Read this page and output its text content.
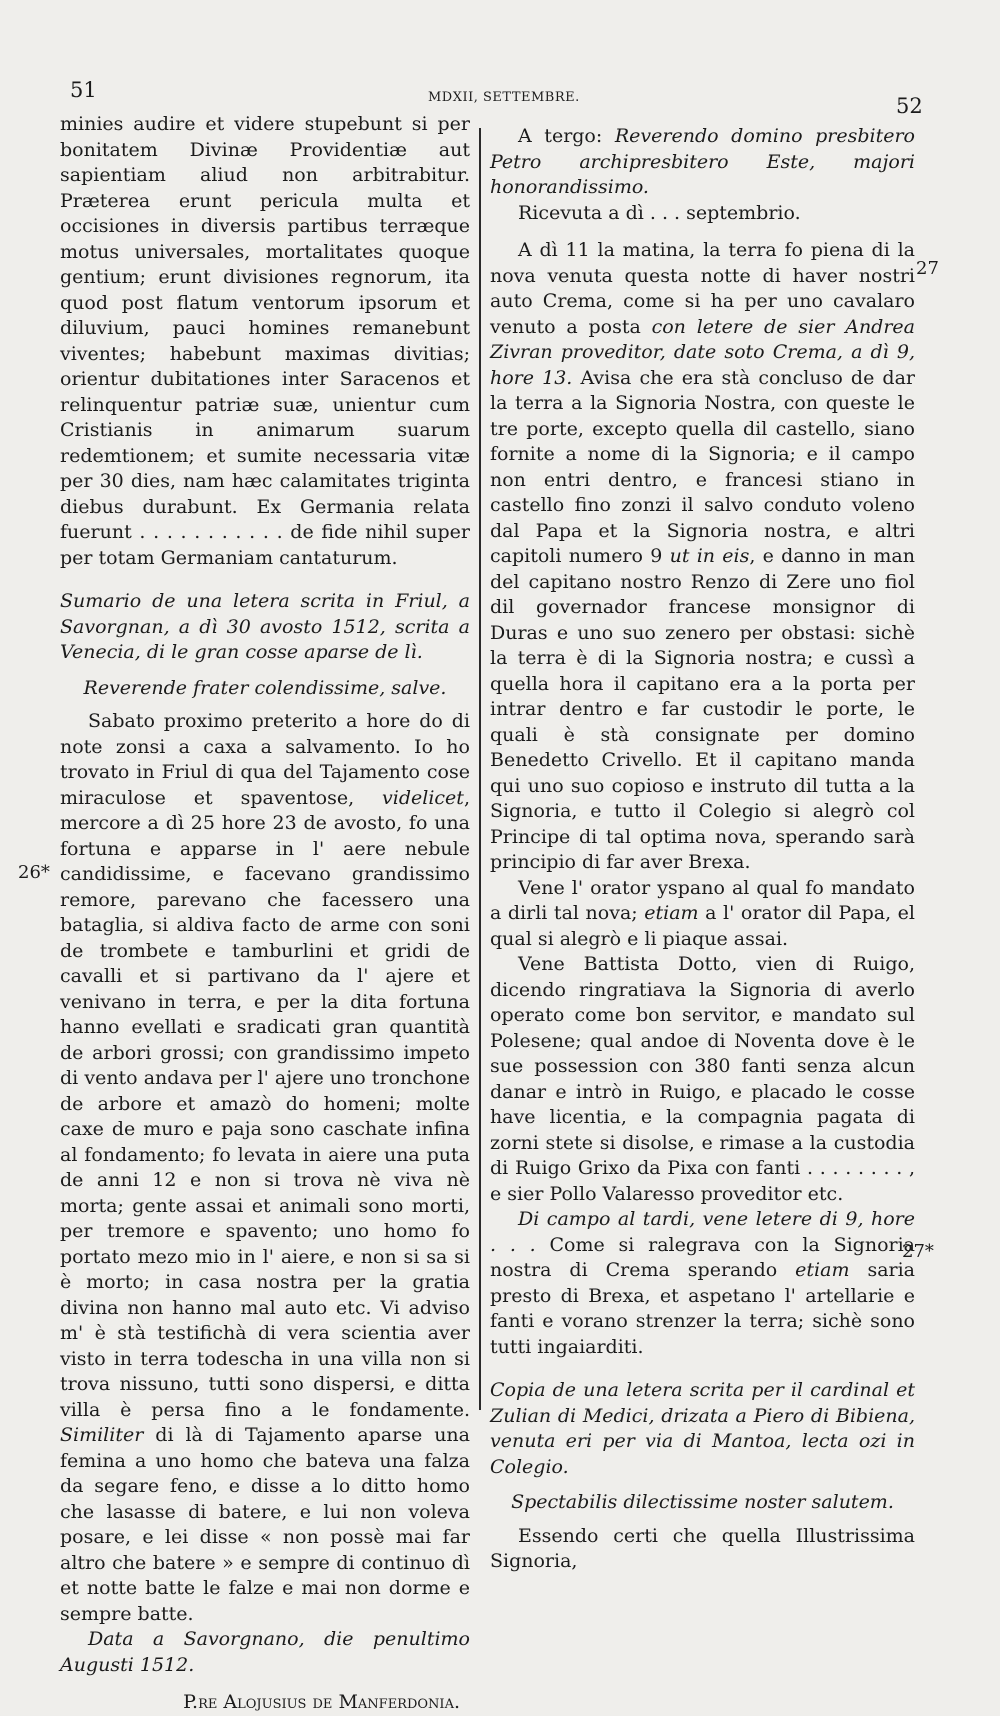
51	MDXII, SETTEMBRE.	52
26*
27
27*

minies audire et videre stupebunt si per bonitatem Divinæ Providentiæ aut sapientiam aliud non arbitrabitur. Præterea erunt pericula multa et occisiones in diversis partibus terræque motus universales, mortalitates quoque gentium; erunt divisiones regnorum, ita quod post flatum ventorum ipsorum et diluvium, pauci homines remanebunt viventes; habebunt maximas divitias; orientur dubitationes inter Saracenos et relinquentur patriæ suæ, unientur cum Cristianis in animarum suarum redemtionem; et sumite necessaria vitæ per 30 dies, nam hæc calamitates triginta diebus durabunt. Ex Germania relata fuerunt . . . . . . . . . . . de fide nihil super per totam Germaniam cantaturum.

Sumario de una letera scrita in Friul, a Savorgnan, a dì 30 avosto 1512, scrita a Venecia, di le gran cosse aparse de lì.

Reverende frater colendissime, salve.

Sabato proximo preterito a hore do di note zonsi a caxa a salvamento. Io ho trovato in Friul di qua del Tajamento cose miraculose et spaventose, videlicet, mercore a dì 25 hore 23 de avosto, fo una fortuna e apparse in l' aere nebule candidissime, e facevano grandissimo remore, parevano che facessero una bataglia, si aldiva facto de arme con soni de trombete e tamburlini et gridi de cavalli et si partivano da l' ajere et venivano in terra, e per la dita fortuna hanno evellati e sradicati gran quantità de arbori grossi; con grandissimo impeto di vento andava per l' ajere uno tronchone de arbore et amazò do homeni; molte caxe de muro e paja sono caschate infina al fondamento; fo levata in aiere una puta de anni 12 e non si trova nè viva nè morta; gente assai et animali sono morti, per tremore e spavento; uno homo fo portato mezo mio in l' aiere, e non si sa si è morto; in casa nostra per la gratia divina non hanno mal auto etc. Vi adviso m' è stà testifichà di vera scientia aver visto in terra todescha in una villa non si trova nissuno, tutti sono dispersi, e ditta villa è persa fino a le fondamente. Similiter di là di Tajamento aparse una femina a uno homo che bateva una falza da segare feno, e disse a lo ditto homo che lasasse di batere, e lui non voleva posare, e lei disse « non possè mai far altro che batere » e sempre di continuo dì et notte batte le falze e mai non dorme e sempre batte.

Data a Savorgnano, die penultimo Augusti 1512.

P.re Alojusius de Manferdonia.

A tergo: Reverendo domino presbitero Petro archipresbitero Este, majori honorandissimo.

Ricevuta a dì . . . septembrio.

A dì 11 la matina, la terra fo piena di la nova venuta questa notte di haver nostri auto Crema, come si ha per uno cavalaro venuto a posta con letere de sier Andrea Zivran proveditor, date soto Crema, a dì 9, hore 13. Avisa che era stà concluso de dar la terra a la Signoria Nostra, con queste le tre porte, excepto quella dil castello, siano fornite a nome di la Signoria; e il campo non entri dentro, e francesi stiano in castello fino zonzi il salvo conduto voleno dal Papa et la Signoria nostra, e altri capitoli numero 9 ut in eis, e danno in man del capitano nostro Renzo di Zere uno fiol dil governador francese monsignor di Duras e uno suo zenero per obstasi: sichè la terra è di la Signoria nostra; e cussì a quella hora il capitano era a la porta per intrar dentro e far custodir le porte, le quali è stà consignate per domino Benedetto Crivello. Et il capitano manda qui uno suo copioso e instruto dil tutta a la Signoria, e tutto il Colegio si alegrò col Principe di tal optima nova, sperando sarà principio di far aver Brexa.

Vene l' orator yspano al qual fo mandato a dirli tal nova; etiam a l' orator dil Papa, el qual si alegrò e li piaque assai.

Vene Battista Dotto, vien di Ruigo, dicendo ringratiava la Signoria di averlo operato come bon servitor, e mandato sul Polesene; qual andoe di Noventa dove è le sue possession con 380 fanti senza alcun danar e intrò in Ruigo, e placado le cosse have licentia, e la compagnia pagata di zorni stete si disolse, e rimase a la custodia di Ruigo Grixo da Pixa con fanti . . . . . . . . , e sier Pollo Valaresso proveditor etc.

Di campo al tardi, vene letere di 9, hore . . . Come si ralegrava con la Signoria nostra di Crema sperando etiam saria presto di Brexa, et aspetano l' artellarie e fanti e vorano strenzer la terra; sichè sono tutti ingaiarditi.

Copia de una letera scrita per il cardinal et Zulian di Medici, drizata a Piero di Bibiena, venuta eri per via di Mantoa, lecta ozi in Colegio.

Spectabilis dilectissime noster salutem.

Essendo certi che quella Illustrissima Signoria,
